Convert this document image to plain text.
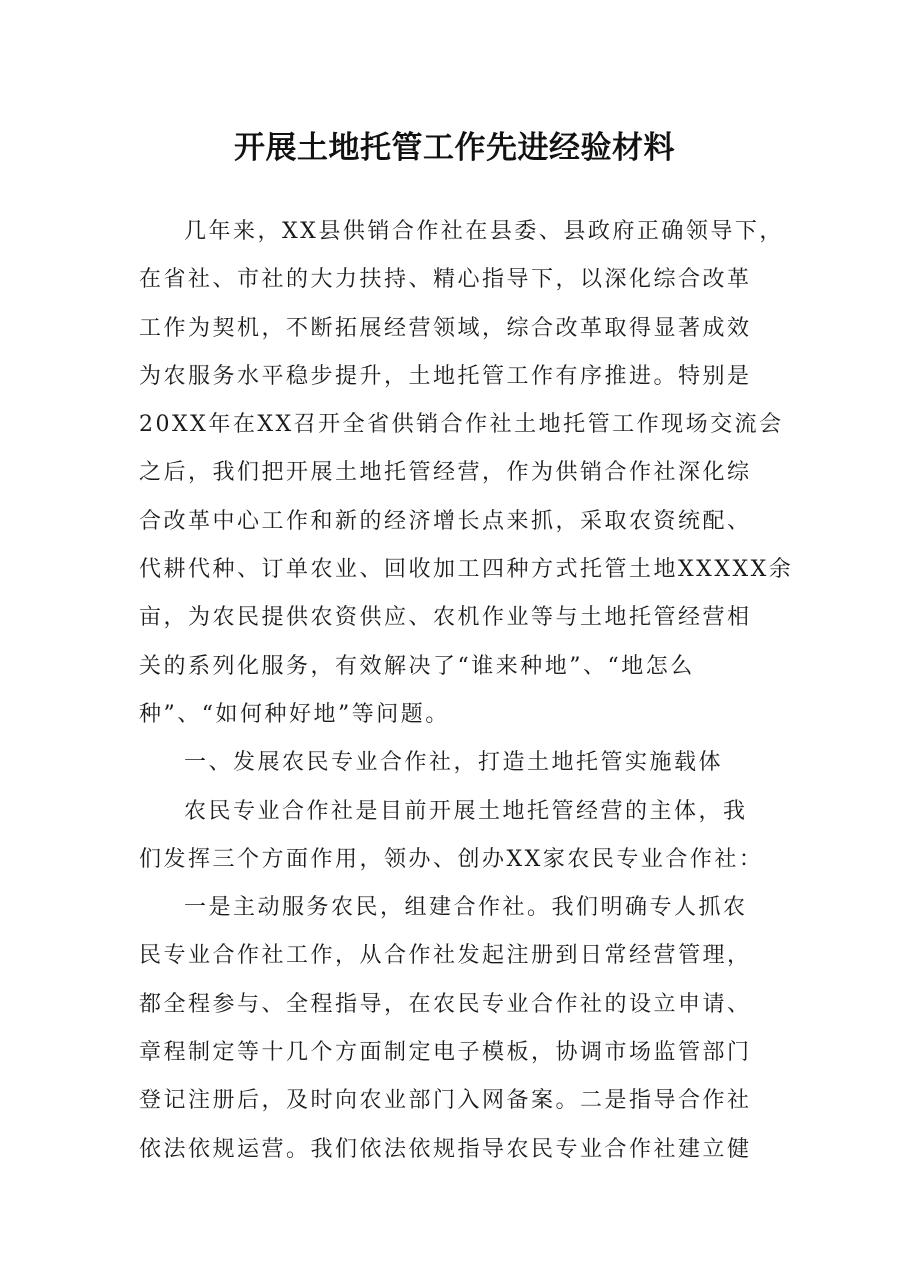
开展土地托管工作先进经验材料
几年来，XX县供销合作社在县委、县政府正确领导下，
在省社、市社的大力扶持、精心指导下，以深化综合改革
工作为契机，不断拓展经营领域，综合改革取得显著成效
为农服务水平稳步提升，土地托管工作有序推进。特别是
20XX年在XX召开全省供销合作社土地托管工作现场交流会
之后，我们把开展土地托管经营，作为供销合作社深化综
合改革中心工作和新的经济增长点来抓，采取农资统配、
代耕代种、订单农业、回收加工四种方式托管土地XXXXX余
亩，为农民提供农资供应、农机作业等与土地托管经营相
关的系列化服务，有效解决了“谁来种地”、“地怎么
种”、“如何种好地”等问题。
一、发展农民专业合作社，打造土地托管实施载体
农民专业合作社是目前开展土地托管经营的主体，我
们发挥三个方面作用，领办、创办XX家农民专业合作社：
一是主动服务农民，组建合作社。我们明确专人抓农
民专业合作社工作，从合作社发起注册到日常经营管理，
都全程参与、全程指导，在农民专业合作社的设立申请、
章程制定等十几个方面制定电子模板，协调市场监管部门
登记注册后，及时向农业部门入网备案。二是指导合作社
依法依规运营。我们依法依规指导农民专业合作社建立健
